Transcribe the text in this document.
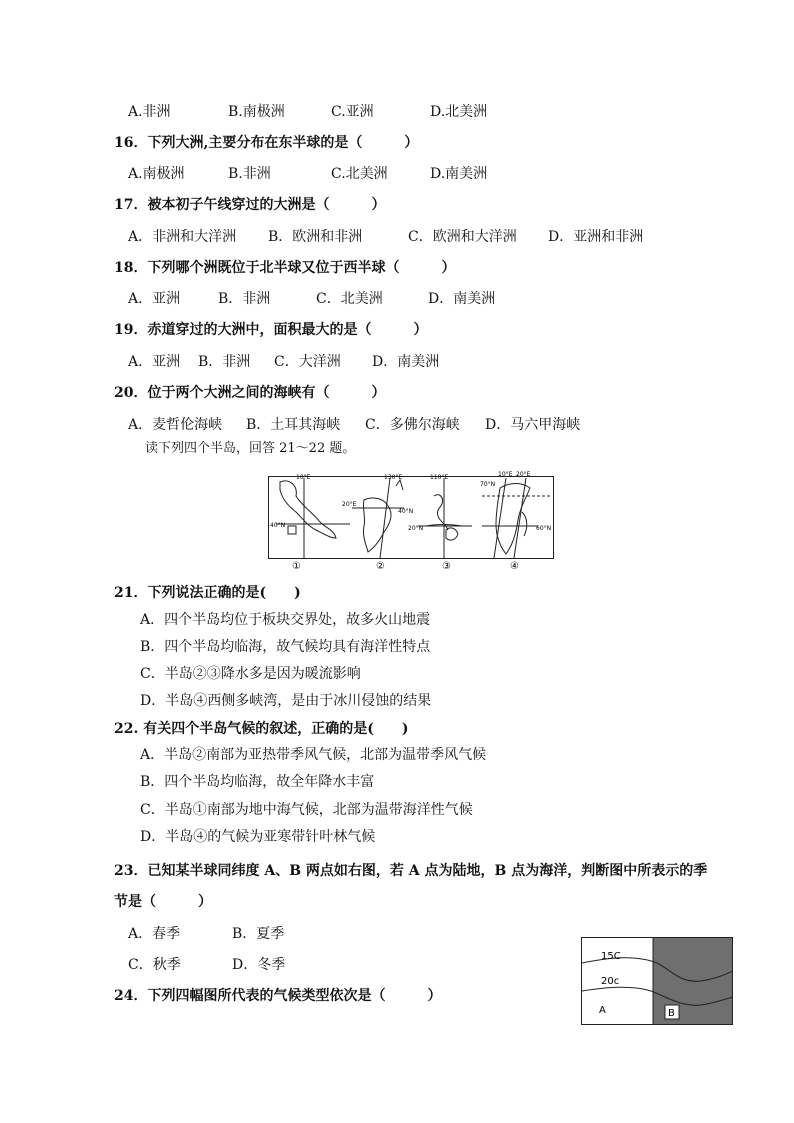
A.非洲	B.南极洲	C.亚洲	D.北美洲
16．下列大洲,主要分布在东半球的是（　　　）
A.南极洲	B.非洲	C.北美洲	D.南美洲
17．被本初子午线穿过的大洲是（　　　）
A．非洲和大洋洲 B．欧洲和非洲	C．欧洲和大洋洲 D．亚洲和非洲
18．下列哪个洲既位于北半球又位于西半球（　　　）
A．亚洲	B．非洲	C．北美洲	D．南美洲
19．赤道穿过的大洲中，面积最大的是（　　　）
A．亚洲 B．非洲 C．大洋洲 D．南美洲
20．位于两个大洲之间的海峡有（　　　）
A．麦哲伦海峡 B．土耳其海峡 C．多佛尔海峡 D．马六甲海峡
读下列四个半岛，回答 21～22 题。
10°E
40°N
20°E
130°E
40°N
110°E
20°N
70°N
10°E 20°E
60°N
①	②	③	④
21．下列说法正确的是(　　)
A．四个半岛均位于板块交界处，故多火山地震
B．四个半岛均临海，故气候均具有海洋性特点
C．半岛②③降水多是因为暖流影响
D．半岛④西侧多峡湾，是由于冰川侵蚀的结果
22. 有关四个半岛气候的叙述，正确的是(　　)
A．半岛②南部为亚热带季风气候，北部为温带季风气候
B．四个半岛均临海，故全年降水丰富
C．半岛①南部为地中海气候，北部为温带海洋性气候
D．半岛④的气候为亚寒带针叶林气候
23．已知某半球同纬度 A、B 两点如右图，若 A 点为陆地，B 点为海洋，判断图中所表示的季
节是（　　　）
A．春季	B．夏季
C．秋季	D．冬季
15C
20c
A	B
24．下列四幅图所代表的气候类型依次是（　　　）
